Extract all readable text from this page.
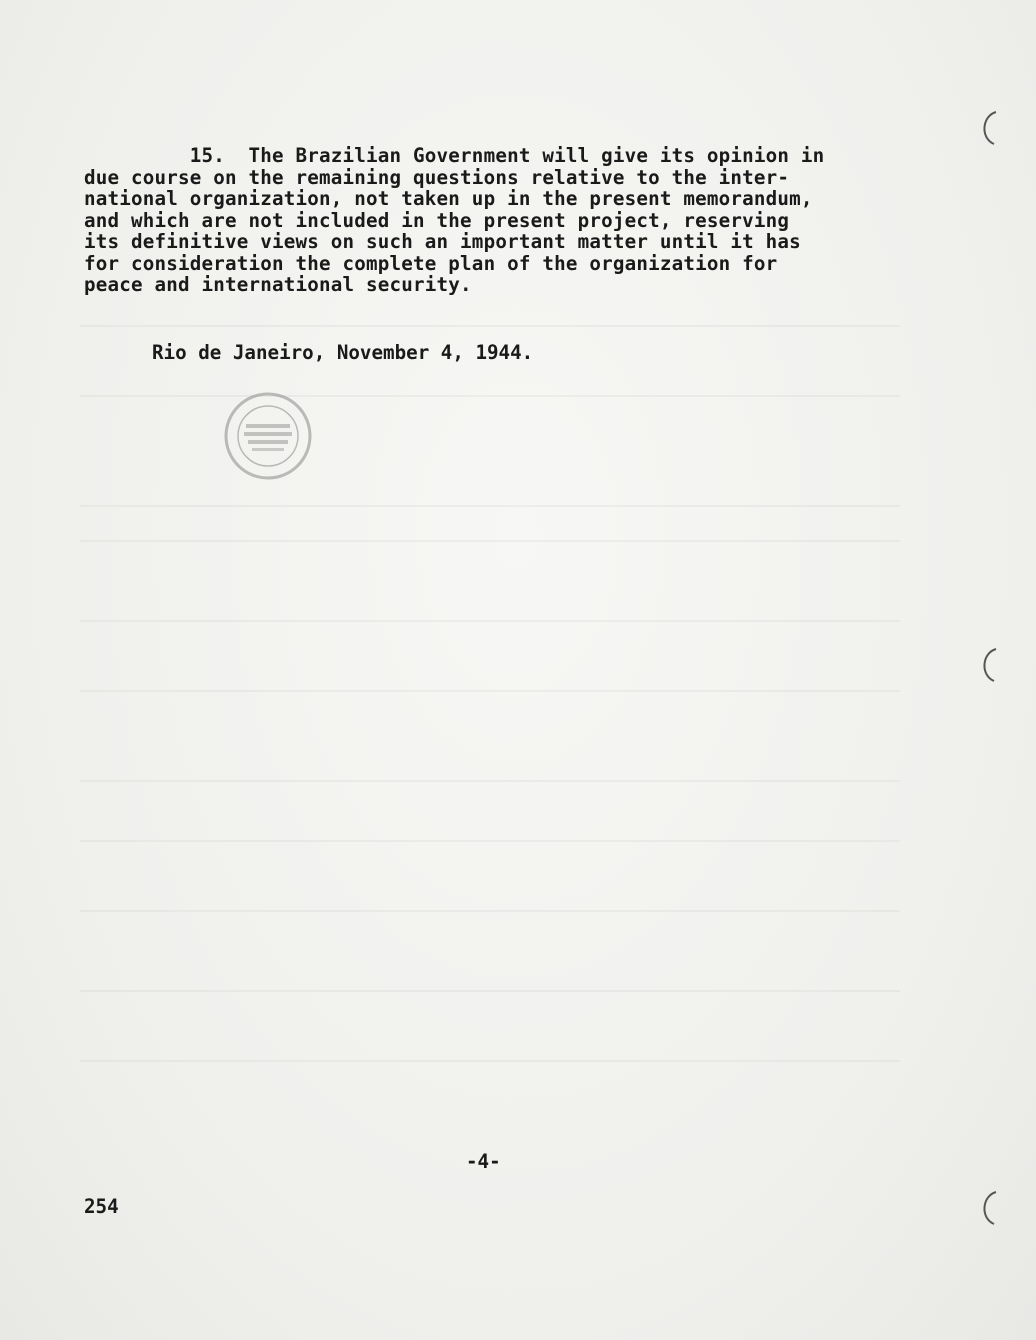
15.  The Brazilian Government will give its opinion in
due course on the remaining questions relative to the inter-
national organization, not taken up in the present memorandum,
and which are not included in the present project, reserving
its definitive views on such an important matter until it has
for consideration the complete plan of the organization for
peace and international security.
Rio de Janeiro, November 4, 1944.
-4-
254
